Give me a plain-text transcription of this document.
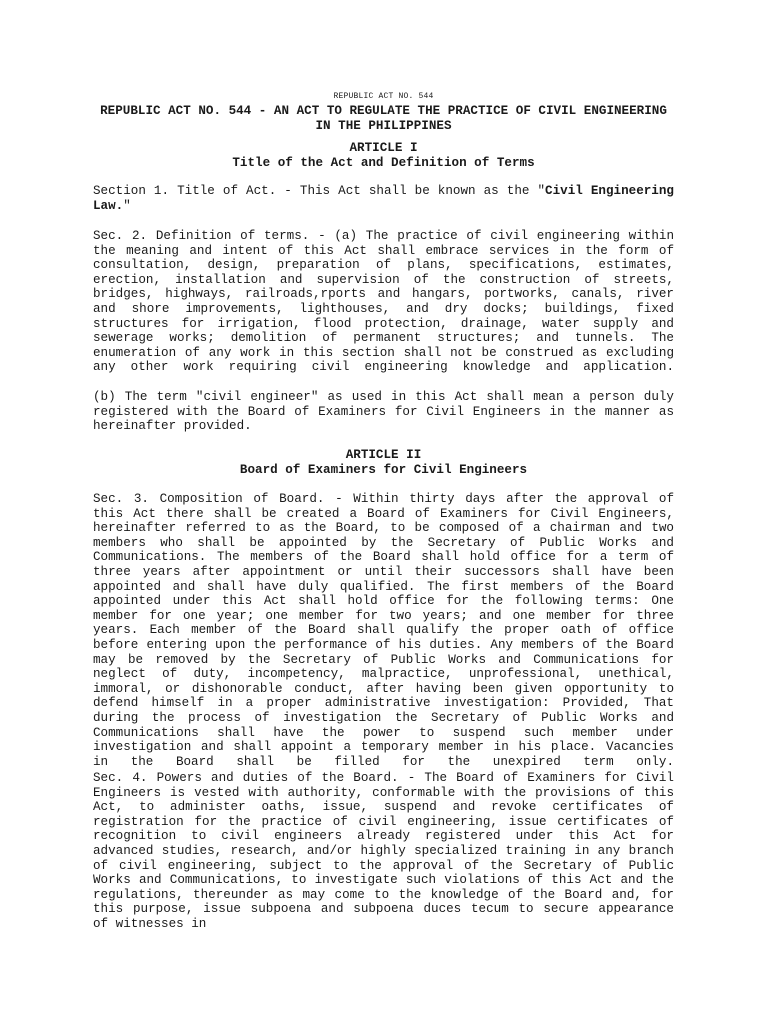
REPUBLIC ACT NO. 544
REPUBLIC ACT NO. 544 - AN ACT TO REGULATE THE PRACTICE OF CIVIL ENGINEERING
IN THE PHILIPPINES
ARTICLE I
Title of the Act and Definition of Terms
Section 1. Title of Act. - This Act shall be known as the "Civil Engineering Law."
Sec. 2. Definition of terms. - (a) The practice of civil engineering within the meaning and intent of this Act shall embrace services in the form of consultation, design, preparation of plans, specifications, estimates, erection, installation and supervision of the construction of streets, bridges, highways, railroads,rports and hangars, portworks, canals, river and shore improvements, lighthouses, and dry docks; buildings, fixed structures for irrigation, flood protection, drainage, water supply and sewerage works; demolition of permanent structures; and tunnels. The enumeration of any work in this section shall not be construed as excluding any other work requiring civil engineering knowledge and application.
(b) The term "civil engineer" as used in this Act shall mean a person duly registered with the Board of Examiners for Civil Engineers in the manner as hereinafter provided.
ARTICLE II
Board of Examiners for Civil Engineers
Sec. 3. Composition of Board. - Within thirty days after the approval of this Act there shall be created a Board of Examiners for Civil Engineers, hereinafter referred to as the Board, to be composed of a chairman and two members who shall be appointed by the Secretary of Public Works and Communications. The members of the Board shall hold office for a term of three years after appointment or until their successors shall have been appointed and shall have duly qualified. The first members of the Board appointed under this Act shall hold office for the following terms: One member for one year; one member for two years; and one member for three years. Each member of the Board shall qualify the proper oath of office before entering upon the performance of his duties. Any members of the Board may be removed by the Secretary of Public Works and Communications for neglect of duty, incompetency, malpractice, unprofessional, unethical, immoral, or dishonorable conduct, after having been given opportunity to defend himself in a proper administrative investigation: Provided, That during the process of investigation the Secretary of Public Works and Communications shall have the power to suspend such member under investigation and shall appoint a temporary member in his place. Vacancies in the Board shall be filled for the unexpired term only.
Sec. 4. Powers and duties of the Board. - The Board of Examiners for Civil Engineers is vested with authority, conformable with the provisions of this Act, to administer oaths, issue, suspend and revoke certificates of registration for the practice of civil engineering, issue certificates of recognition to civil engineers already registered under this Act for advanced studies, research, and/or highly specialized training in any branch of civil engineering, subject to the approval of the Secretary of Public Works and Communications, to investigate such violations of this Act and the regulations, thereunder as may come to the knowledge of the Board and, for this purpose, issue subpoena and subpoena duces tecum to secure appearance of witnesses in
